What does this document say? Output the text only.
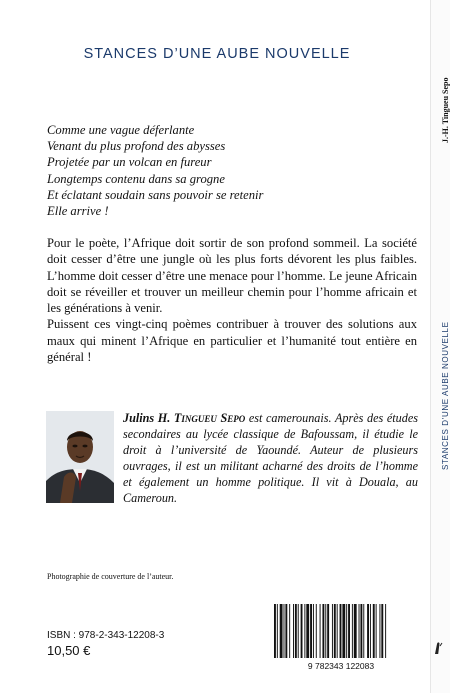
STANCES D’UNE AUBE NOUVELLE
Comme une vague déferlante
Venant du plus profond des abysses
Projetée par un volcan en fureur
Longtemps contenu dans sa grogne
Et éclatant soudain sans pouvoir se retenir
Elle arrive !

Pour le poète, l’Afrique doit sortir de son profond sommeil. La société doit cesser d’être une jungle où les plus forts dévorent les plus faibles. L’homme doit cesser d’être une menace pour l’homme. Le jeune Africain doit se réveiller et trouver un meilleur chemin pour l’homme africain et les générations à venir.

Puissent ces vingt-cinq poèmes contribuer à trouver des solutions aux maux qui minent l’Afrique en particulier et l’humanité tout entière en général !

Julins H. Tingueu Sepo est camerounais. Après des études secondaires au lycée classique de Bafoussam, il étudie le droit à l’université de Yaoundé. Auteur de plusieurs ouvrages, il est un militant acharné des droits de l’homme et également un homme politique. Il vit à Douala, au Cameroun.
Photographie de couverture de l’auteur.
ISBN : 978-2-343-12208-3
10,50 €
9 782343 122083
J.-H. Tingueu Sepo
STANCES D’UNE AUBE NOUVELLE
